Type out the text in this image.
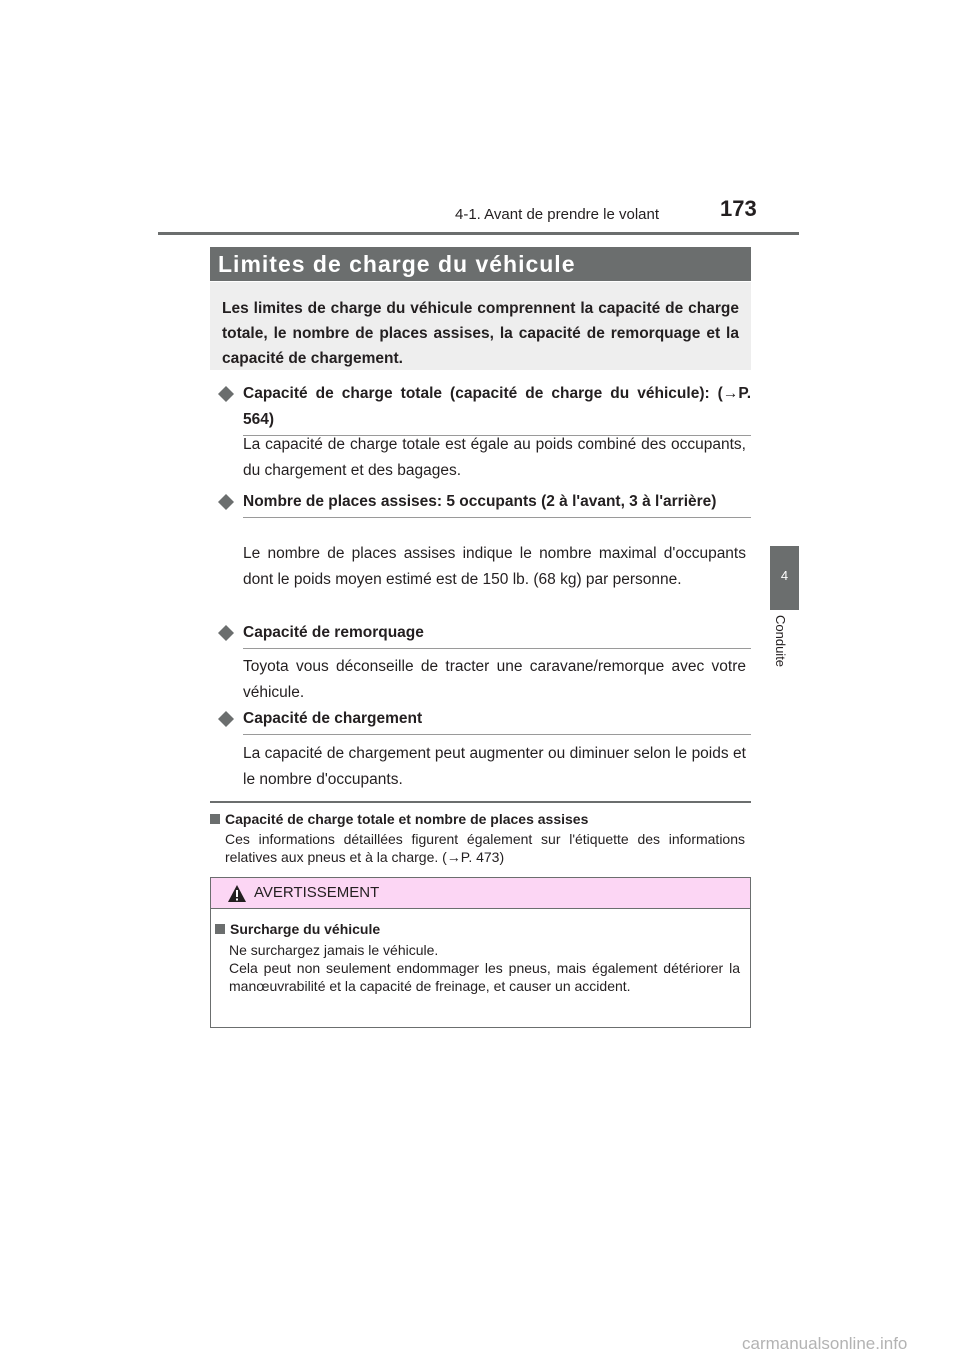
4-1. Avant de prendre le volant	173
4
Conduite
Limites de charge du véhicule
Les limites de charge du véhicule comprennent la capacité de charge totale, le nombre de places assises, la capacité de remorquage et la capacité de chargement.
Capacité de charge totale (capacité de charge du véhicule): (→P. 564)
La capacité de charge totale est égale au poids combiné des occupants, du chargement et des bagages.
Nombre de places assises: 5 occupants (2 à l'avant, 3 à l'arrière)
Le nombre de places assises indique le nombre maximal d'occupants dont le poids moyen estimé est de 150 lb. (68 kg) par personne.
Capacité de remorquage
Toyota vous déconseille de tracter une caravane/remorque avec votre véhicule.
Capacité de chargement
La capacité de chargement peut augmenter ou diminuer selon le poids et le nombre d'occupants.
Capacité de charge totale et nombre de places assises
Ces informations détaillées figurent également sur l'étiquette des informations relatives aux pneus et à la charge. (→P. 473)
AVERTISSEMENT
Surcharge du véhicule
Ne surchargez jamais le véhicule.
Cela peut non seulement endommager les pneus, mais également détériorer la manœuvrabilité et la capacité de freinage, et causer un accident.
carmanualsonline.info
